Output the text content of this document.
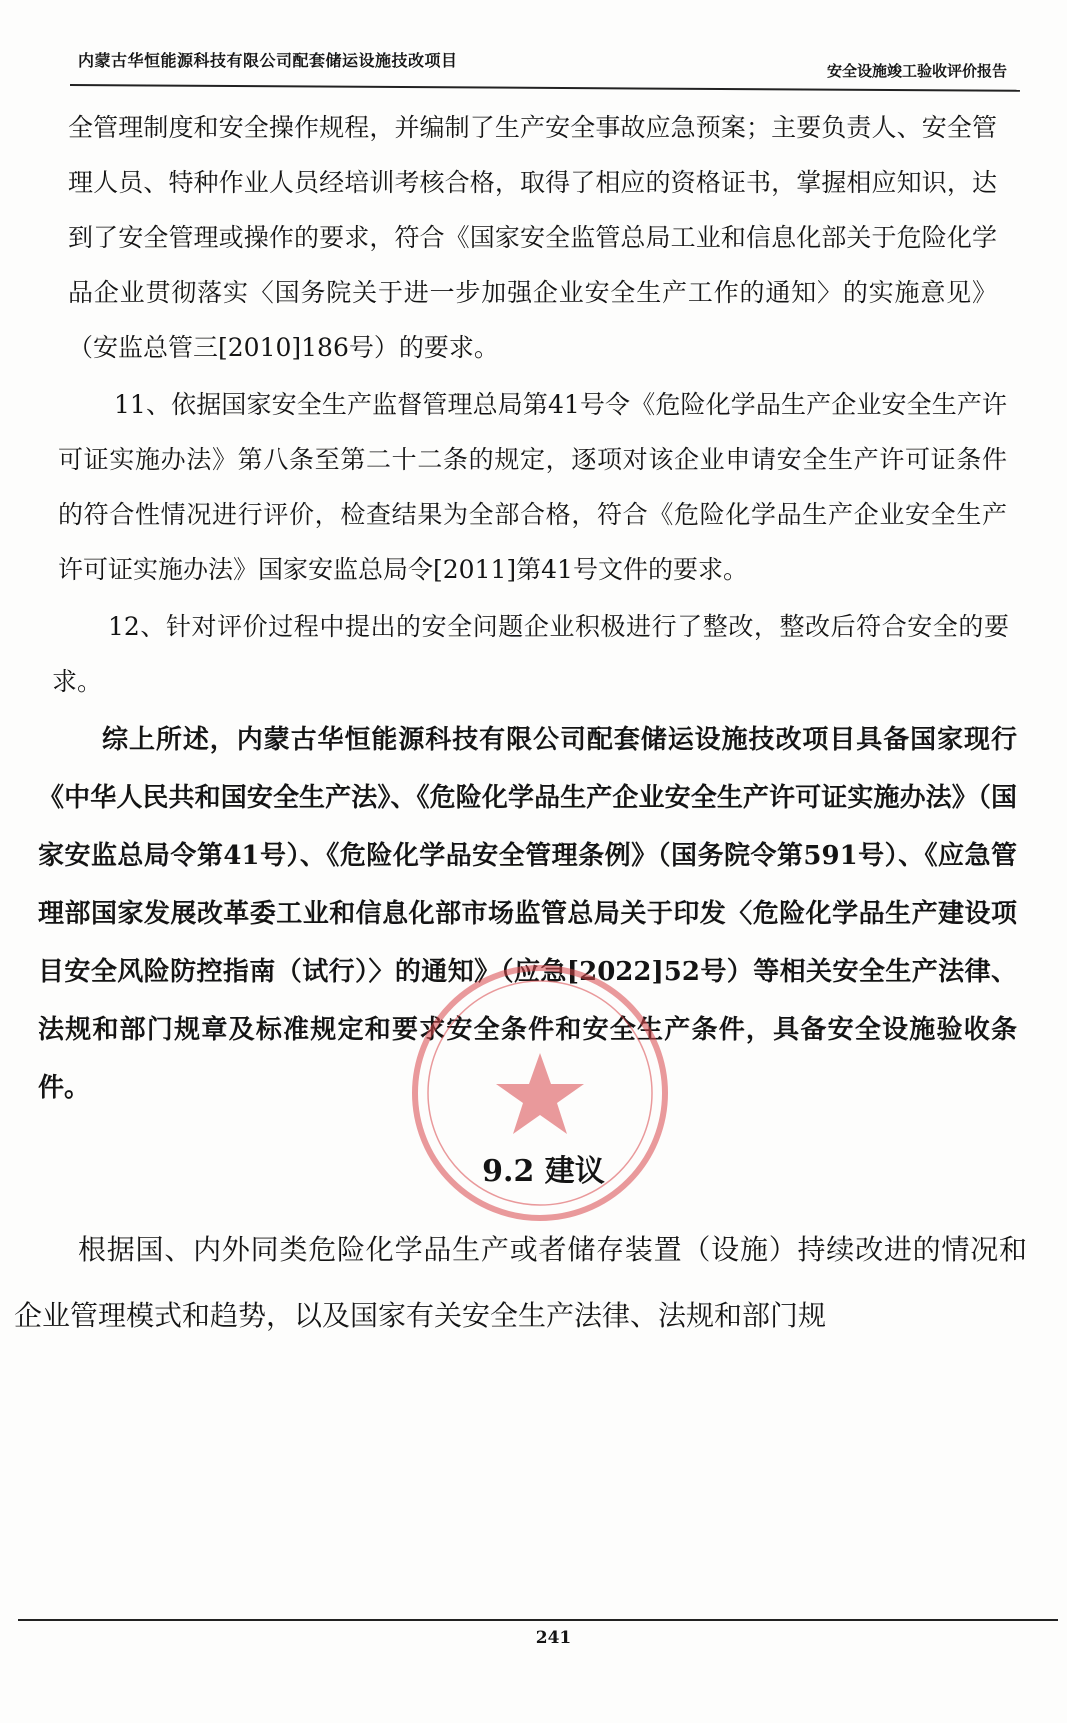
内蒙古华恒能源科技有限公司配套储运设施技改项目
安全设施竣工验收评价报告

全管理制度和安全操作规程，并编制了生产安全事故应急预案；主要负责人、安全管理人员、特种作业人员经培训考核合格，取得了相应的资格证书，掌握相应知识，达到了安全管理或操作的要求，符合《国家安全监管总局工业和信息化部关于危险化学品企业贯彻落实〈国务院关于进一步加强企业安全生产工作的通知〉的实施意见》（安监总管三[2010]186号）的要求。

11、依据国家安全生产监督管理总局第41号令《危险化学品生产企业安全生产许可证实施办法》第八条至第二十二条的规定，逐项对该企业申请安全生产许可证条件的符合性情况进行评价，检查结果为全部合格，符合《危险化学品生产企业安全生产许可证实施办法》国家安监总局令[2011]第41号文件的要求。

12、针对评价过程中提出的安全问题企业积极进行了整改，整改后符合安全的要求。

综上所述，内蒙古华恒能源科技有限公司配套储运设施技改项目具备国家现行《中华人民共和国安全生产法》、《危险化学品生产企业安全生产许可证实施办法》（国家安监总局令第41号）、《危险化学品安全管理条例》（国务院令第591号）、《应急管理部国家发展改革委工业和信息化部市场监管总局关于印发〈危险化学品生产建设项目安全风险防控指南（试行）〉的通知》（应急[2022]52号）等相关安全生产法律、法规和部门规章及标准规定和要求安全条件和安全生产条件，具备安全设施验收条件。

9.2 建议

根据国、内外同类危险化学品生产或者储存装置（设施）持续改进的情况和企业管理模式和趋势，以及国家有关安全生产法律、法规和部门规

241
